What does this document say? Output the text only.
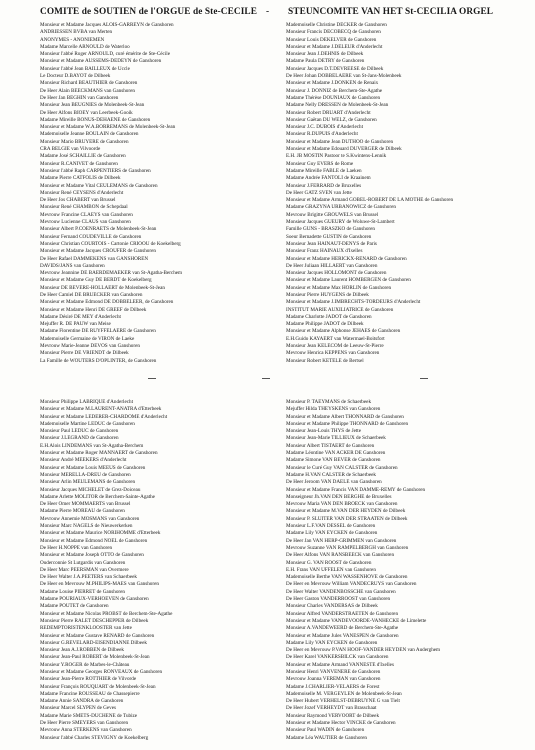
COMITE de SOUTIEN de l'ORGUE de Ste-CECILE - STEUNCOMITE VAN HET St-CECILIA ORGEL
Monsieur et Madame Jacques ALOIS-GARREYN de Ganshoren
ANDRIESSEN BVBA van Merten
ANONYMES - ANONIEMEN
Madame Marcelle ARNOULD de Waterloo
Monsieur l'abbé Roger ARNOULD, curé émérite de Ste-Cécile
Monsieur et Madame AUSSEMS-DEDEYN de Ganshoren
Monsieur l'abbé Jean BAILLEUX de Uccle
Le Docteur D.BAYOT de Dilbeek
Monsieur Richard BEAUTHIER de Ganshoren
De Heer Alain BEECKMANS van Ganshoren
De Heer Jan BEGHIN van Ganshoren
Monsieur Jean BEUGNIES de Molenbeek-St-Jean
De Heer Alfons BIOEY van Leerbeek-Gooik
Madame Mireille BONUS-DEHAENE de Ganshoren
Monsieur et Madame W.A.BORREMANS de Molenbeek-St-Jean
Mademoiselle Jeanne BOULAIN de Ganshoren
Monsieur Mario BRUYERE de Ganshoren
CRA BELGIE van Vilvoorde
Madame José SCHAILLIE de Ganshoren
Monsieur R.CANIVET de Ganshoren
Monsieur l'abbé Raph CARPENTIERS de Ganshoren
Madame Pierre CATFOLIS de Dilbeek
Monsieur et Madame Vital CEULEMANS de Ganshoren
Monsieur René CEYSENS d'Anderlecht
De Heer Jos CHABERT van Brussel
Monsieur René CHAMBON de Schepdaal
Mevrouw Francine CLAEYS van Ganshoren
Mevrouw Lucienne CLAUS van Ganshoren
Monsieur Albert P.COENRAETS de Molenbeek-St-Jean
Monsieur Fernand COUDEVILLE de Ganshoren
Monsieur Christian COURTOIS - Cartonie CRIOOU de Koekelberg
Monsieur et Madame Jacques CROUFER de Ganshoren
De Heer Rafael DAMMEKENS van GANSHOREN
DAVIDS/JANS van Ganshoren
Mevrouw Jeannine DE BAERDEMAEKER van St-Agatha-Berchem
Monsieur et Madame Guy DE BERDT de Koekelberg
Monsieur DE BEVERE-HOLLAERT de Molenbeek-St-Jean
De Heer Camiel DE BRUECKER van Ganshoren
Monsieur et Madame Edmond DE DOBBELEER, de Ganshoren
Monsieur et Madame Henri DE GREEF de Dilbeek
Madame Désiré DE MEY d'Anderlecht
Mejuffer R. DE PAUW van Meise
Madame Florentine DE RUYFFELAERE de Ganshoren
Mademoiselle Germaine de VIRON de Laeke
Mevrouw Marie-Jeanne DEVOS van Ganshoren
Monsieur Pierre DE VRIENDT de Dilbeek
La Famille de WOUTERS D'OPLINTER, de Ganshoren
Mademoiselle Christine DECKER de Ganshoren
Monsieur Francis DECOBECQ de Ganshoren
Monsieur Louis DEKELVER de Ganshoren
Monsieur et Madame J.DELEUR d'Anderlecht
Monsieur Jean J.DEHNIS de Dilbeek
Madame Paula DETRY de Ganshoren
Monsieur Jacques D.T.DEVREESE de Dilbeek
De Heer Johan DOBBELAERE van St-Jans-Molenbeek
Monsieur et Madame J.DONKEN de Renaix
Monsieur J. DONNIZ de Berchem-Ste-Agathe
Madame Thérèse DOUNIAUX de Ganshoren
Madame Nelly DRESSEN de Molenbeek-St-Jean
Monsieur Robert DRUART d'Anderlecht
Monsieur Gaëtan DU WELZ, de Ganshoren
Monsieur J.C. DUBOIS d'Anderlecht
Monsieur R.DUPUIS d'Anderlecht
Monsieur et Madame Jean DUTHOO de Ganshoren
Monsieur et Madame Edouard DUVERGER de Dilbeek
E.H. JB MOSTIN Pastoor te S.Kwintens-Lennik
Monsieur Guy EVERS de Rome
Madame Mireille FABLE de Laeken
Madame Andrée FANTOLI de Kraainem
Monsieur J.FERRARD de Bruxelles
De Heer GATZ SVEN van Jette
Monsieur et Madame Armand GOBEL-ROBERT DE LA MOTHE de Ganshoren
Madame GRAZYNA URBANOWICZ de Ganshoren
Mevrouw Brigitte GROUWELS van Brussel
Monsieur Jacques GUEURY de Woluwe-St-Lambert
Famille GUNS - BRASZKO de Ganshoren
Soeur Bernadette GUSTIN de Ganshoren
Monsieur Jean HAINAUT-DENYS de Paris
Monsieur Franz HAINAUX d'Ixelles
Monsieur et Madame HERICKX-RENARD de Ganshoren
De Heer Juliaan HILLAERT van Ganshoren
Monsieur Jacques HOLLOMONT de Ganshoren
Monsieur et Madame Laurent HOMBERGEN de Ganshoren
Monsieur et Madame Max HORLIN de Ganshoren
Monsieur Pierre HUYGENS de Dilbeek
Monsieur et Madame J.IMBRECHTS-TORDEURS d'Anderlecht
INSTITUT MARIE AUXILIATRICE de Ganshoren
Madame Charlotte JADOT de Ganshoren
Madame Philippe JADOT de Dilbeek
Monsieur et Madame Alphonse JEHAES de Ganshoren
E.H.Guido KAYAERT van Watermael-Boitsfort
Monsieur Jean KELECOM de Leeuw-St-Pierre
Mevrouw Henrica KEPPENS van Ganshoren
Monsieur Robert KETELE de Bertsel
Monsieur Philippe LABRIQUE d'Anderlecht
Monsieur et Madame M.LAURENT-ANATRA d'Etterbeek
Monsieur et Madame LEDERER-CHARDOME d'Anderlecht
Mademoiselle Martine LEDUC de Ganshoren
Monsieur Paul LEDUC de Ganshoren
Monsieur J.LEGRAND de Ganshoren
E.H.Alois LINDEMANS van St-Agatha-Berchem
Monsieur et Madame Roger MANNAERT de Ganshoren
Monsieur André MEEKERS d'Anderlecht
Monsieur et Madame Louis MEEUS de Ganshoren
Monsieur MERELLA-DREU de Ganshoren
Monsieur Arlin MEULEMANS de Ganshoren
Monsieur Jacques MICHELET de Grez-Doiceau
Madame Arlette MOLITOR de Berchem-Sainte-Agathe
De Heer Omer MOMMAERTS van Brussel
Madame Pierre MOREAU de Ganshoren
Mevrouw Annemie MOSMANS van Ganshoren
Monsieur Marc NAGELS de Nieuwerkerken
Monsieur et Madame Maurice NORIHOMME d'Etterbeek
Monsieur et Madame Edmond NOEL de Ganshoren
De Heer H.NOPPE van Ganshoren
Monsieur et Madame Joseph OTTO de Ganshoren
Ouderconnie St Lutgardis van Ganshoren
De Heer Marc PEERSMAN van Overmere
De Heer Walter J.A.PEETERS van Schaerbeek
De Heer en Mevrouw M.PHILIPS-MAES van Ganshoren
Madame Louise PIERRET de Ganshoren
Madame POURIAUX-VERHOEVEN de Ganshoren
Madame POUTET de Ganshoren
Monsieur et Madame Nicolas PROBST de Berchem-Ste-Agathe
Monsieur Pierre RALET DESCHEPPER de Dilbeek
REDEMPTORISTENKLOOSTER van Jette
Monsieur et Madame Gustave RENARD de Ganshoren
Monsieur G.REVELARD-EISENDIANNE Dilbeek
Monsieur Jean A.J.ROBBEN de Dilbeek
Monsieur Jean-Paul ROBERT de Molenbeek-St-Jean
Monsieur Y.ROGER de Marbes-le-Château
Monsieur et Madame Georges RONVEAUX de Ganshoren
Monsieur Jean-Pierre ROTTHIER de Vilvorde
Monsieur François ROUQUART de Molenbeek-St-Jean
Madame Francine ROUSSEAU de Chassepierre
Madame Annie SANDRA de Ganshoren
Monsieur Marcel SLYPEN de Geves
Madame Marie SMETS-DUCHENE de Tubize
De Heer Pierre SMEYERS van Ganshoren
Mevrouw Anna STERKENS van Ganshoren
Monsieur l'abbé Charles STEVIGNY de Koekelberg
Monsieur P. TAEYMANS de Schaerbeek
Mejuffer Hilda THEYSKENS van Ganshoren
Monsieur et Madame Albert THONNARD de Ganshoren
Monsieur et Madame Philippe THONNARD de Ganshoren
Monsieur Jean-Louis THYS de Jette
Monsieur Jean-Marie TILLIEUX de Schaerbeek
Monsieur Albert TISTAERT de Ganshoren
Madame Léontine VAN ACKER DE Ganshoren
Madame Simone VAN BEVER de Ganshoren
Monsieur le Curé Guy VAN CALSTER de Ganshoren
Madame H.VAN CALSTER de Schaerbeek
De Heer Jeroom VAN DAELE van Ganshoren
Monsieur et Madame Francis VAN DAMME-REMY de Ganshoren
Monseigneur Jh.VAN DEN BERGHE de Bruxelles
Mevrouw Maria VAN DEN BROECK van Ganshoren
Monsieur et Madame M.VAN DER HEYDEN de Dilbeek
Monsieur P. SLUITER VAN DER STRAATEN de Dilbeek
Monsieur L.F.VAN DESSEL de Ganshoren
Madame Lily VAN EYCKEN de Ganshoren
De Heer Jan VAN HERP-GRIMMEN van Ganshoren
Mevrouw Suzanne VAN RAMPELBERGH van Ganshoren
De Heer Alfons VAN RANSBEECK van Ganshoren
Monsieur G. VAN ROOST de Ganshoren
E.H. Frans VAN UFFELEN van Ganshoren
Mademoiselle Berthe VAN WASSENHOVE de Ganshoren
De Heer en Mevrouw William VANDECRUYS van Ganshoren
De Heer Walter VANDENBOSSCHE van Ganshoren
De Heer Gaston VANDERROOST van Ganshoren
Monsieur Charles VANDERSAS de Dilbeek
Monsieur Alfred VANDERSTRAETEN de Ganshoren
Monsieur et Madame VANDEVOORDE-VANHECKE de Limelette
Monsieur A.VANDEWEERD de Berchem-Ste-Agathe
Monsieur et Madame Jules VANESPEN de Ganshoren
Madame Lily VAN EYCKEN de Ganshoren
De Heer en Mevrouw P.VAN HOOF-VANDER HEYDEN van Auderghem
De Heer Karel VANKERSBILCK van Ganshoren
Monsieur et Madame Armand VANNESTE d'Ixelles
Monsieur Henri VANVENERE de Ganshoren
Mevrouw Joanna VEREMAN van Ganshoren
Madame J.CHARLIER-VELAERS de Forest
Mademoiselle M. VERGEYLEN de Molenbeek-St-Jean
De Heer Hubert VERHELST-DEBRUYNE G van Tielt
De Heer Jozef VERHEYDT van Brasschaat
Monsieur Raymond VERVOORT de Dilbeek
Monsieur et Madame Hector VINCKE de Ganshoren
Monsieur Paul WADIN de Ganshoren
Madame Léa WAUTIER de Ganshoren
